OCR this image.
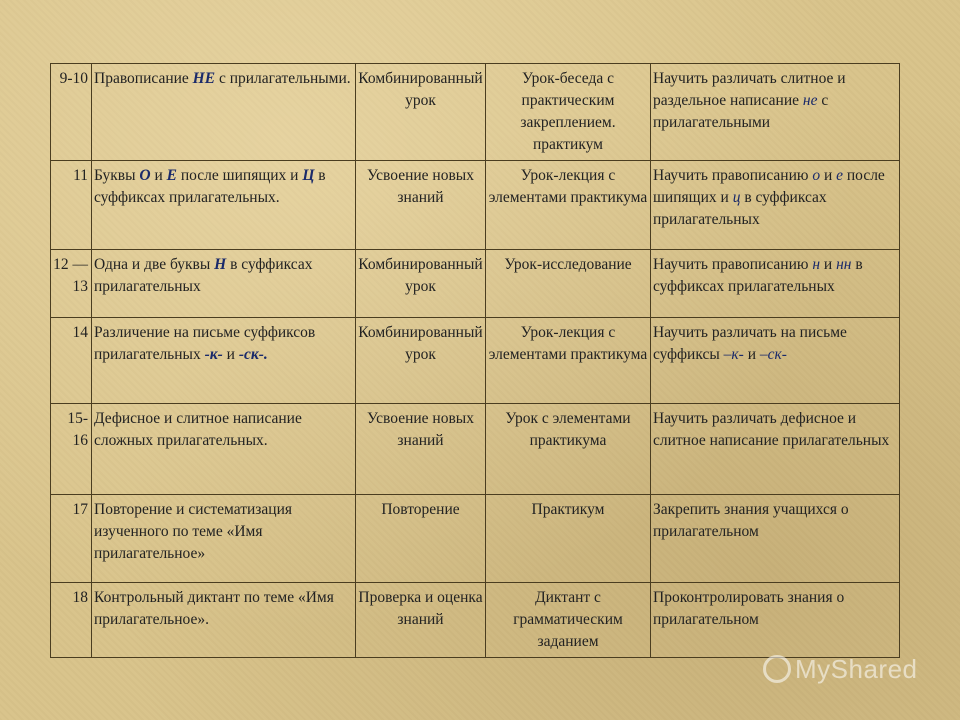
9-10	Правописание НЕ с прилагательными.	Комбинированный урок	Урок-беседа с практическим закреплением. практикум	Научить различать слитное и раздельное написание не с прилагательными
11	Буквы О и Е после шипящих и Ц в суффиксах прилагательных.	Усвоение новых знаний	Урок-лекция с элементами практикума	Научить правописанию о и е после шипящих и ц в суффиксах прилагательных
12 — 13	Одна и две буквы Н в суффиксах прилагательных	Комбинированный урок	Урок-исследование	Научить правописанию н и нн в суффиксах прилагательных
14	Различение на письме суффиксов прилагательных -к- и -ск-.	Комбинированный урок	Урок-лекция с элементами практикума	Научить различать на письме суффиксы –к- и –ск-
15-16	Дефисное и слитное написание сложных прилагательных.	Усвоение новых знаний	Урок с элементами практикума	Научить различать дефисное и слитное написание прилагательных
17	Повторение и систематизация изученного по теме «Имя прилагательное»	Повторение	Практикум	Закрепить знания учащихся о прилагательном
18	Контрольный диктант по теме «Имя прилагательное».	Проверка и оценка знаний	Диктант с грамматическим заданием	Проконтролировать знания о прилагательном
MyShared
